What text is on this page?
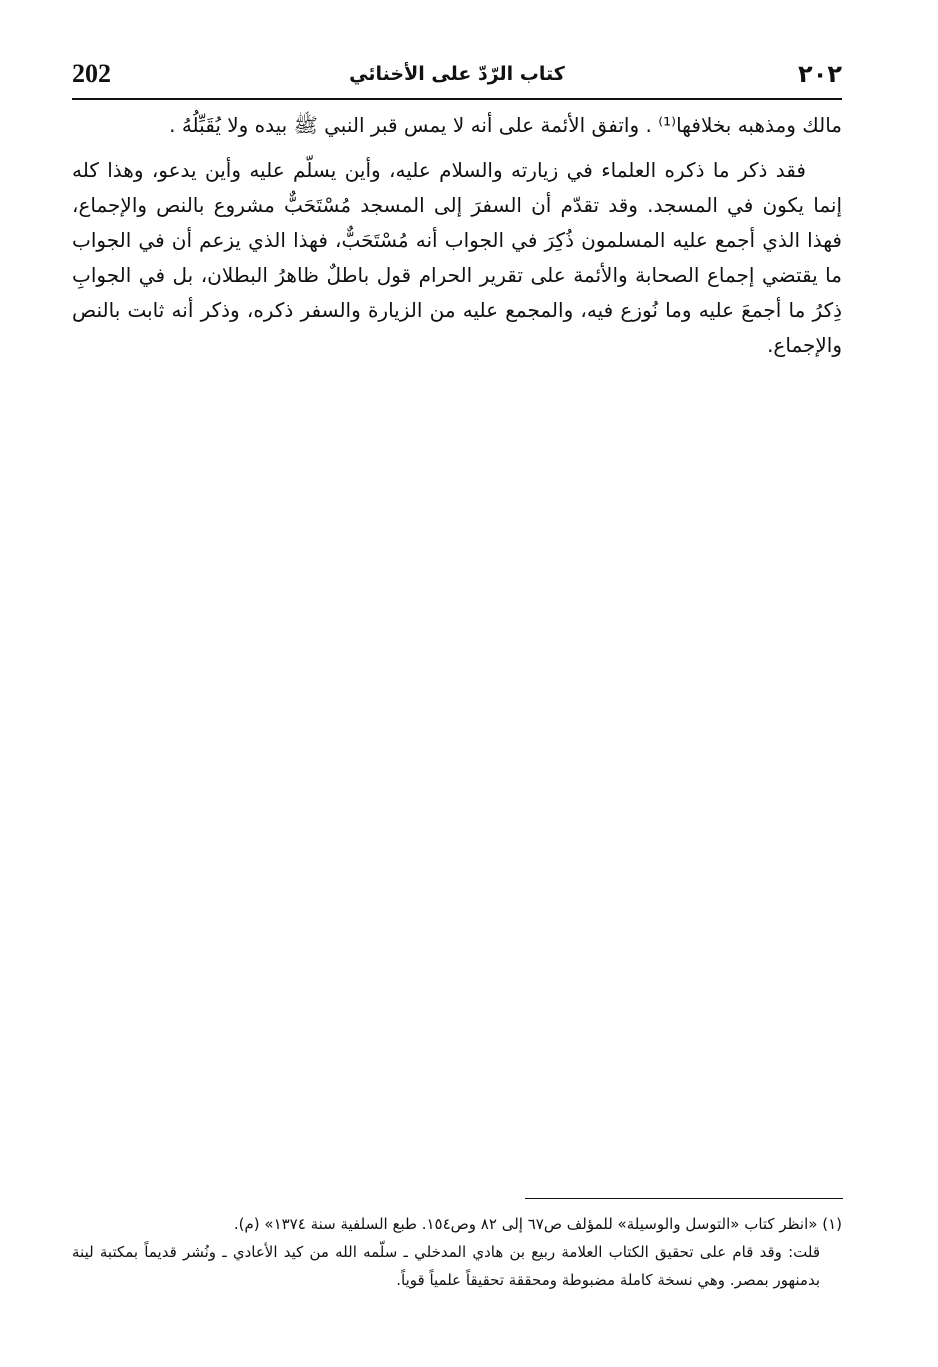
202	كتاب الرّدّ على الأخنائي	٢٠٢

مالك ومذهبه بخلافها⁽¹⁾ . واتفق الأئمة على أنه لا يمس قبر النبي ﷺ بيده ولا يُقَبِّلُهُ .

فقد ذكر ما ذكره العلماء في زيارته والسلام عليه، وأين يسلّم عليه وأين يدعو، وهذا كله إنما يكون في المسجد. وقد تقدّم أن السفرَ إلى المسجد مُسْتَحَبٌّ مشروع بالنص والإجماع، فهذا الذي أجمع عليه المسلمون ذُكِرَ في الجواب أنه مُسْتَحَبٌّ، فهذا الذي يزعم أن في الجواب ما يقتضي إجماع الصحابة والأئمة على تقرير الحرام قول باطلٌ ظاهرُ البطلان، بل في الجوابِ ذِكرُ ما أجمعَ عليه وما نُوزع فيه، والمجمع عليه من الزيارة والسفر ذكره، وذكر أنه ثابت بالنص والإجماع.

(١) «انظر كتاب «التوسل والوسيلة» للمؤلف ص٦٧ إلى ٨٢ وص١٥٤. طبع السلفية سنة ١٣٧٤» (م).

قلت: وقد قام على تحقيق الكتاب العلامة ربيع بن هادي المدخلي ـ سلّمه الله من كيد الأعادي ـ ونُشر قديماً بمكتبة لينة بدمنهور بمصر. وهي نسخة كاملة مضبوطة ومحققة تحقيقاً علمياً قوياً.
